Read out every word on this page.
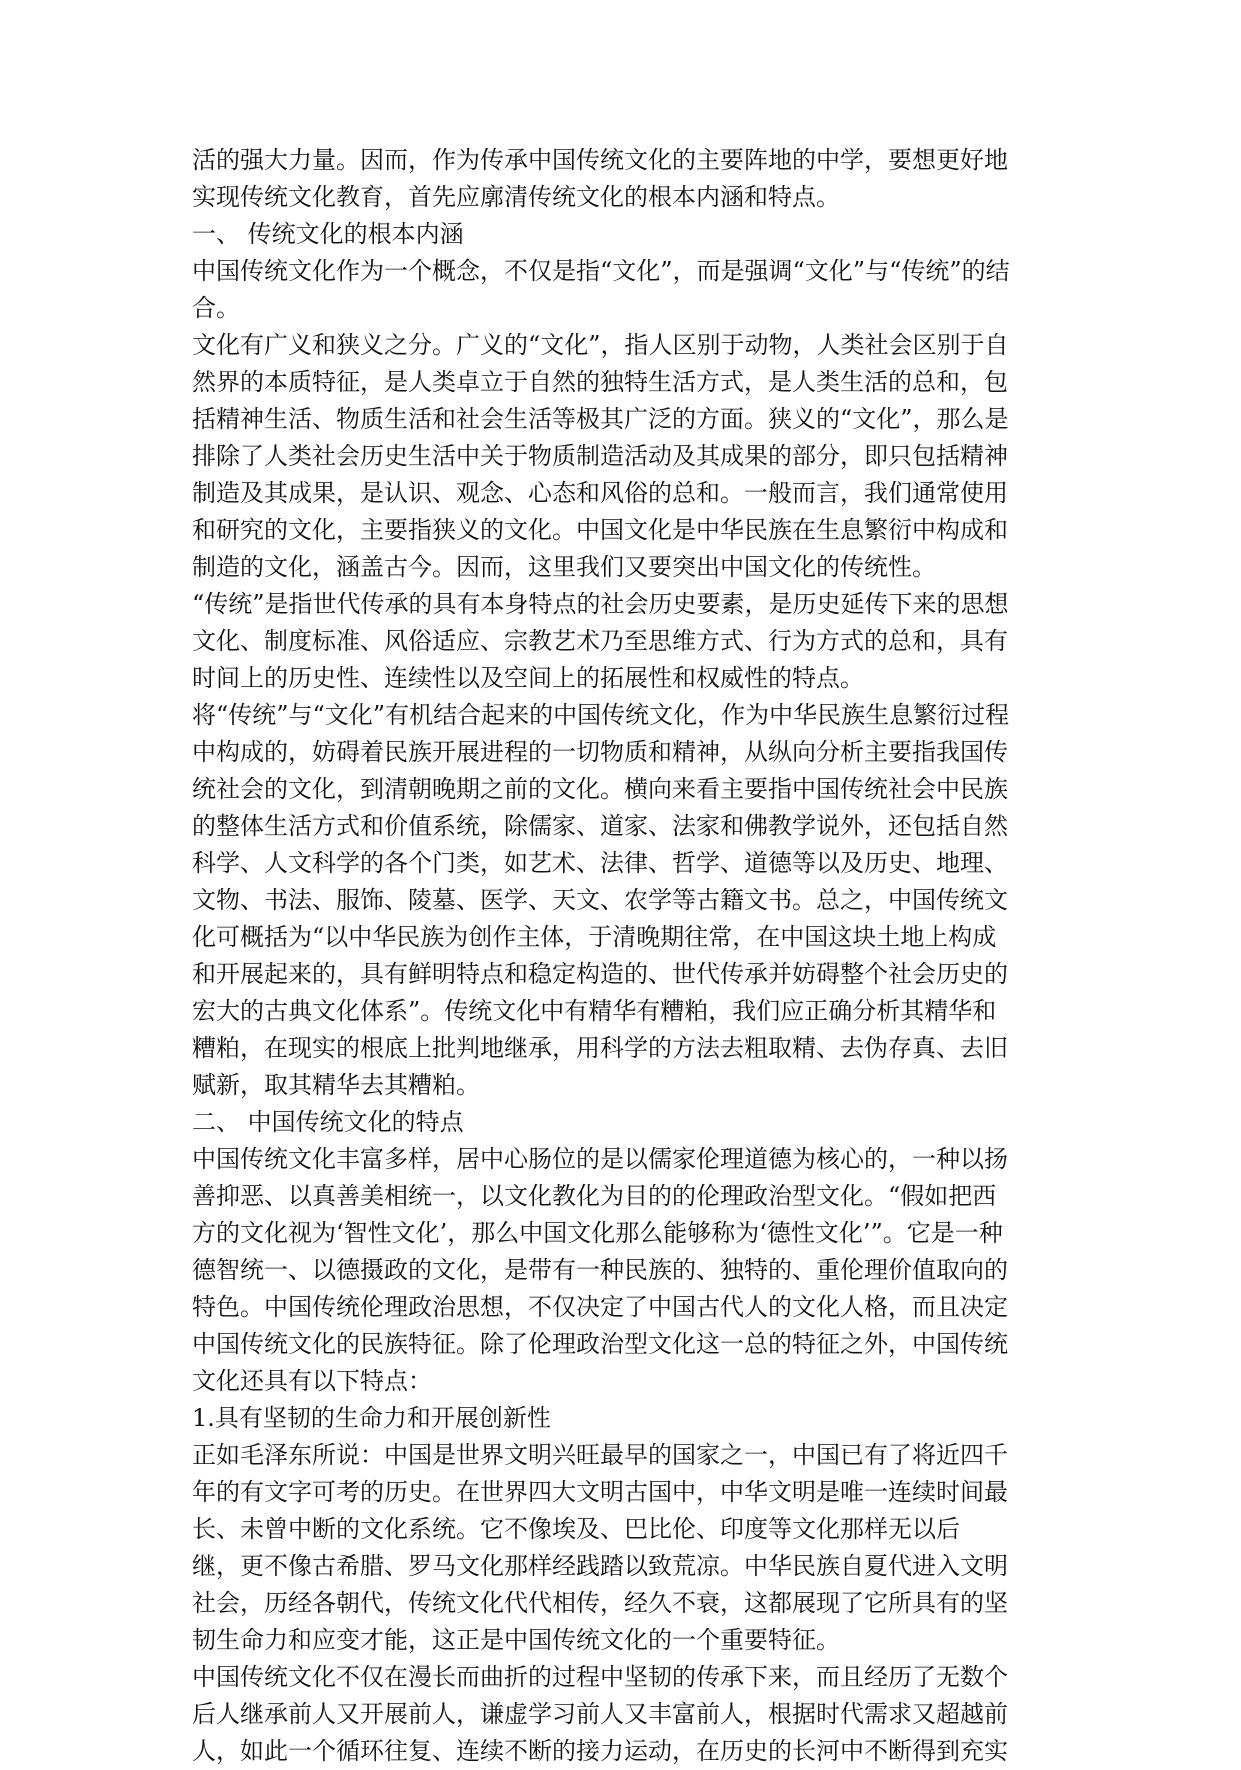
活的强大力量。因而，作为传承中国传统文化的主要阵地的中学，要想更好地
实现传统文化教育，首先应廓清传统文化的根本内涵和特点。
一、 传统文化的根本内涵
中国传统文化作为一个概念，不仅是指“文化”，而是强调“文化”与“传统”的结
合。
文化有广义和狭义之分。广义的“文化”，指人区别于动物，人类社会区别于自
然界的本质特征，是人类卓立于自然的独特生活方式，是人类生活的总和，包
括精神生活、物质生活和社会生活等极其广泛的方面。狭义的“文化”，那么是
排除了人类社会历史生活中关于物质制造活动及其成果的部分，即只包括精神
制造及其成果，是认识、观念、心态和风俗的总和。一般而言，我们通常使用
和研究的文化，主要指狭义的文化。中国文化是中华民族在生息繁衍中构成和
制造的文化，涵盖古今。因而，这里我们又要突出中国文化的传统性。
“传统”是指世代传承的具有本身特点的社会历史要素，是历史延传下来的思想
文化、制度标准、风俗适应、宗教艺术乃至思维方式、行为方式的总和，具有
时间上的历史性、连续性以及空间上的拓展性和权威性的特点。
将“传统”与“文化”有机结合起来的中国传统文化，作为中华民族生息繁衍过程
中构成的，妨碍着民族开展进程的一切物质和精神，从纵向分析主要指我国传
统社会的文化，到清朝晚期之前的文化。横向来看主要指中国传统社会中民族
的整体生活方式和价值系统，除儒家、道家、法家和佛教学说外，还包括自然
科学、人文科学的各个门类，如艺术、法律、哲学、道德等以及历史、地理、
文物、书法、服饰、陵墓、医学、天文、农学等古籍文书。总之，中国传统文
化可概括为“以中华民族为创作主体，于清晚期往常，在中国这块土地上构成
和开展起来的，具有鲜明特点和稳定构造的、世代传承并妨碍整个社会历史的
宏大的古典文化体系”。传统文化中有精华有糟粕，我们应正确分析其精华和
糟粕，在现实的根底上批判地继承，用科学的方法去粗取精、去伪存真、去旧
赋新，取其精华去其糟粕。
二、 中国传统文化的特点
中国传统文化丰富多样，居中心肠位的是以儒家伦理道德为核心的，一种以扬
善抑恶、以真善美相统一，以文化教化为目的的伦理政治型文化。“假如把西
方的文化视为‘智性文化’，那么中国文化那么能够称为‘德性文化’”。它是一种
德智统一、以德摄政的文化，是带有一种民族的、独特的、重伦理价值取向的
特色。中国传统伦理政治思想，不仅决定了中国古代人的文化人格，而且决定
中国传统文化的民族特征。除了伦理政治型文化这一总的特征之外，中国传统
文化还具有以下特点：
1.具有坚韧的生命力和开展创新性
正如毛泽东所说：中国是世界文明兴旺最早的国家之一，中国已有了将近四千
年的有文字可考的历史。在世界四大文明古国中，中华文明是唯一连续时间最
长、未曾中断的文化系统。它不像埃及、巴比伦、印度等文化那样无以后
继，更不像古希腊、罗马文化那样经践踏以致荒凉。中华民族自夏代进入文明
社会，历经各朝代，传统文化代代相传，经久不衰，这都展现了它所具有的坚
韧生命力和应变才能，这正是中国传统文化的一个重要特征。
中国传统文化不仅在漫长而曲折的过程中坚韧的传承下来，而且经历了无数个
后人继承前人又开展前人，谦虚学习前人又丰富前人，根据时代需求又超越前
人，如此一个循环往复、连续不断的接力运动，在历史的长河中不断得到充实
